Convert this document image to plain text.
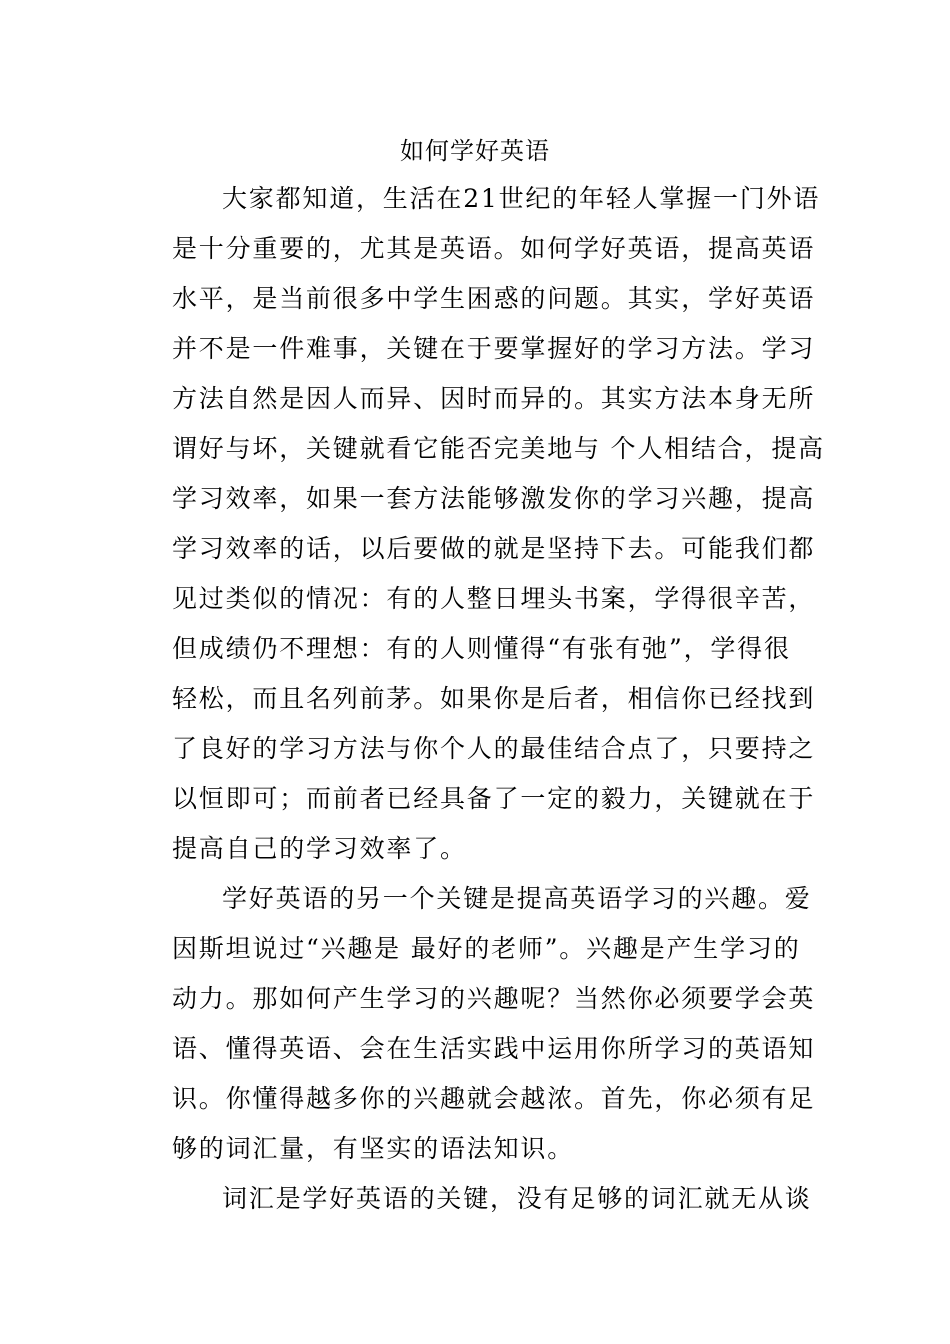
如何学好英语
大家都知道，生活在21世纪的年轻人掌握一门外语
是十分重要的，尤其是英语。如何学好英语，提高英语
水平，是当前很多中学生困惑的问题。其实，学好英语
并不是一件难事，关键在于要掌握好的学习方法。学习
方法自然是因人而异、因时而异的。其实方法本身无所
谓好与坏，关键就看它能否完美地与 个人相结合，提高
学习效率，如果一套方法能够激发你的学习兴趣，提高
学习效率的话，以后要做的就是坚持下去。可能我们都
见过类似的情况：有的人整日埋头书案，学得很辛苦，
但成绩仍不理想：有的人则懂得“有张有弛”，学得很
轻松，而且名列前茅。如果你是后者，相信你已经找到
了良好的学习方法与你个人的最佳结合点了，只要持之
以恒即可；而前者已经具备了一定的毅力，关键就在于
提高自己的学习效率了。
学好英语的另一个关键是提高英语学习的兴趣。爱
因斯坦说过“兴趣是 最好的老师”。兴趣是产生学习的
动力。那如何产生学习的兴趣呢？当然你必须要学会英
语、懂得英语、会在生活实践中运用你所学习的英语知
识。你懂得越多你的兴趣就会越浓。首先，你必须有足
够的词汇量，有坚实的语法知识。
词汇是学好英语的关键，没有足够的词汇就无从谈
